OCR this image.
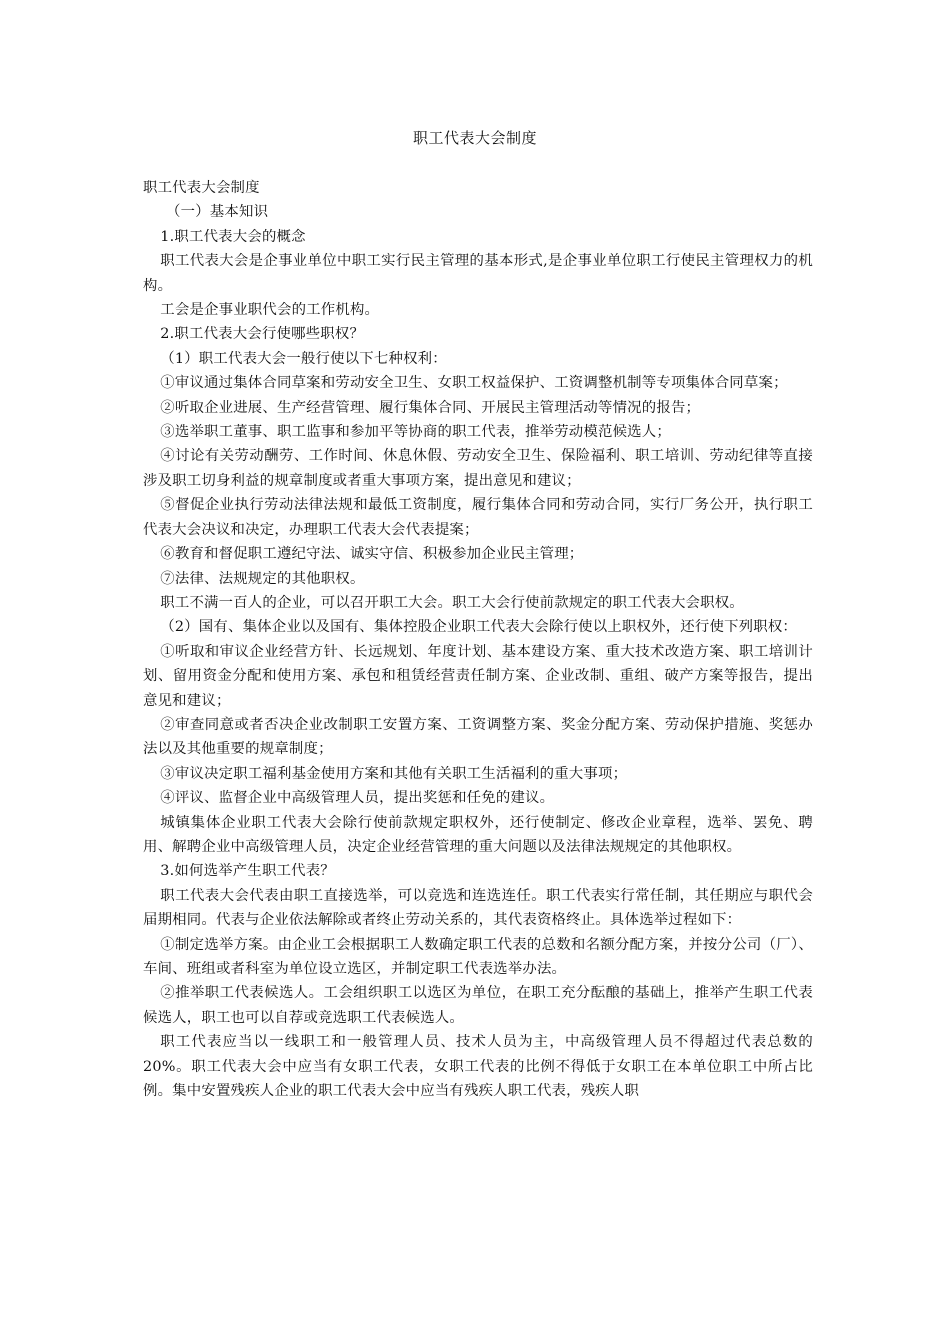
职工代表大会制度

职工代表大会制度

（一）基本知识

1.职工代表大会的概念

职工代表大会是企事业单位中职工实行民主管理的基本形式,是企事业单位职工行使民主管理权力的机构。

工会是企事业职代会的工作机构。

2.职工代表大会行使哪些职权？

（1）职工代表大会一般行使以下七种权利：

①审议通过集体合同草案和劳动安全卫生、女职工权益保护、工资调整机制等专项集体合同草案；

②听取企业进展、生产经营管理、履行集体合同、开展民主管理活动等情况的报告；

③选举职工董事、职工监事和参加平等协商的职工代表，推举劳动模范候选人；

④讨论有关劳动酬劳、工作时间、休息休假、劳动安全卫生、保险福利、职工培训、劳动纪律等直接涉及职工切身利益的规章制度或者重大事项方案，提出意见和建议；

⑤督促企业执行劳动法律法规和最低工资制度，履行集体合同和劳动合同，实行厂务公开，执行职工代表大会决议和决定，办理职工代表大会代表提案；

⑥教育和督促职工遵纪守法、诚实守信、积极参加企业民主管理；

⑦法律、法规规定的其他职权。

职工不满一百人的企业，可以召开职工大会。职工大会行使前款规定的职工代表大会职权。

（2）国有、集体企业以及国有、集体控股企业职工代表大会除行使以上职权外，还行使下列职权：

①听取和审议企业经营方针、长远规划、年度计划、基本建设方案、重大技术改造方案、职工培训计划、留用资金分配和使用方案、承包和租赁经营责任制方案、企业改制、重组、破产方案等报告，提出意见和建议；

②审查同意或者否决企业改制职工安置方案、工资调整方案、奖金分配方案、劳动保护措施、奖惩办法以及其他重要的规章制度；

③审议决定职工福利基金使用方案和其他有关职工生活福利的重大事项；

④评议、监督企业中高级管理人员，提出奖惩和任免的建议。

城镇集体企业职工代表大会除行使前款规定职权外，还行使制定、修改企业章程，选举、罢免、聘用、解聘企业中高级管理人员，决定企业经营管理的重大问题以及法律法规规定的其他职权。

3.如何选举产生职工代表？

职工代表大会代表由职工直接选举，可以竞选和连选连任。职工代表实行常任制，其任期应与职代会届期相同。代表与企业依法解除或者终止劳动关系的，其代表资格终止。具体选举过程如下：

①制定选举方案。由企业工会根据职工人数确定职工代表的总数和名额分配方案，并按分公司（厂）、车间、班组或者科室为单位设立选区，并制定职工代表选举办法。

②推举职工代表候选人。工会组织职工以选区为单位，在职工充分酝酿的基础上，推举产生职工代表候选人，职工也可以自荐或竞选职工代表候选人。

职工代表应当以一线职工和一般管理人员、技术人员为主，中高级管理人员不得超过代表总数的20%。职工代表大会中应当有女职工代表，女职工代表的比例不得低于女职工在本单位职工中所占比例。集中安置残疾人企业的职工代表大会中应当有残疾人职工代表，残疾人职
